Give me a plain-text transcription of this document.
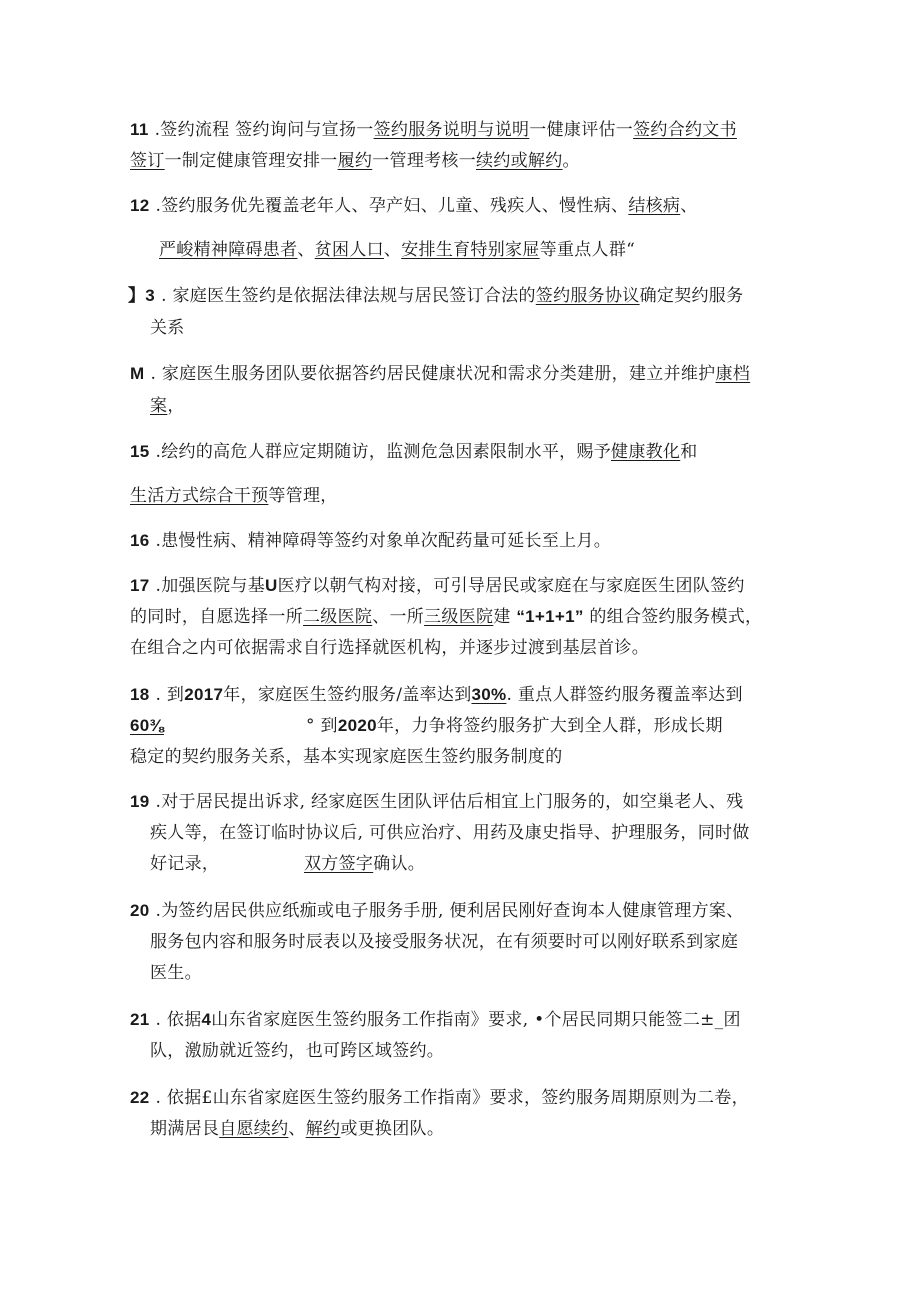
11 .签约流程 签约询问与宣扬一签约服务说明与说明一健康评估一签约合约文书
签订一制定健康管理安排一履约一管理考核一续约或解约。
12 .签约服务优先覆盖老年人、孕产妇、儿童、残疾人、慢性病、结核病、
严峻精神障碍患者、贫困人口、安排生育特别家屉等重点人群“
】3 . 家庭医生签约是依据法律法规与居民签订合法的签约服务协议确定契约服务
关系
M . 家庭医生服务团队要依据答约居民健康状况和需求分类建册，建立并维护康档
案，
15 .绘约的高危人群应定期随访，监测危急因素限制水平，赐予健康教化和
生活方式综合干预等管理，
16 .患慢性病、精神障碍等签约对象单次配药量可延长至上月。
17 .加强医院与基U医疗以朝气构对接，可引导居民或家庭在与家庭医生团队签约
的同时，自愿选择一所二级医院、一所三级医院建 “1+1+1” 的组合签约服务模式，
在组合之内可依据需求自行选择就医机构，并逐步过渡到基层首诊。
18 . 到2017年，家庭医生签约服务/盖率达到30%. 重点人群签约服务覆盖率达到
60⅜	° 到2020年，力争将签约服务扩大到全人群，形成长期
稳定的契约服务关系，基本实现家庭医生签约服务制度的
19 .对于居民提出诉求, 经家庭医生团队评估后相宜上门服务的，如空巢老人、残
疾人等，在签订临时协议后, 可供应治疗、用药及康史指导、护理服务，同时做
好记录，	双方签字确认。
20 .为签约居民供应纸痂或电子服务手册, 便利居民刚好查询本人健康管理方案、
服务包内容和服务时辰表以及接受服务状况，在有须要时可以刚好联系到家庭
医生。
21 . 依据4山东省家庭医生签约服务工作指南》要求, •个居民同期只能签二±_团
队，激励就近签约，也可跨区域签约。
22 . 依据£山东省家庭医生签约服务工作指南》要求，签约服务周期原则为二卷，
期满居艮自愿续约、解约或更换团队。
